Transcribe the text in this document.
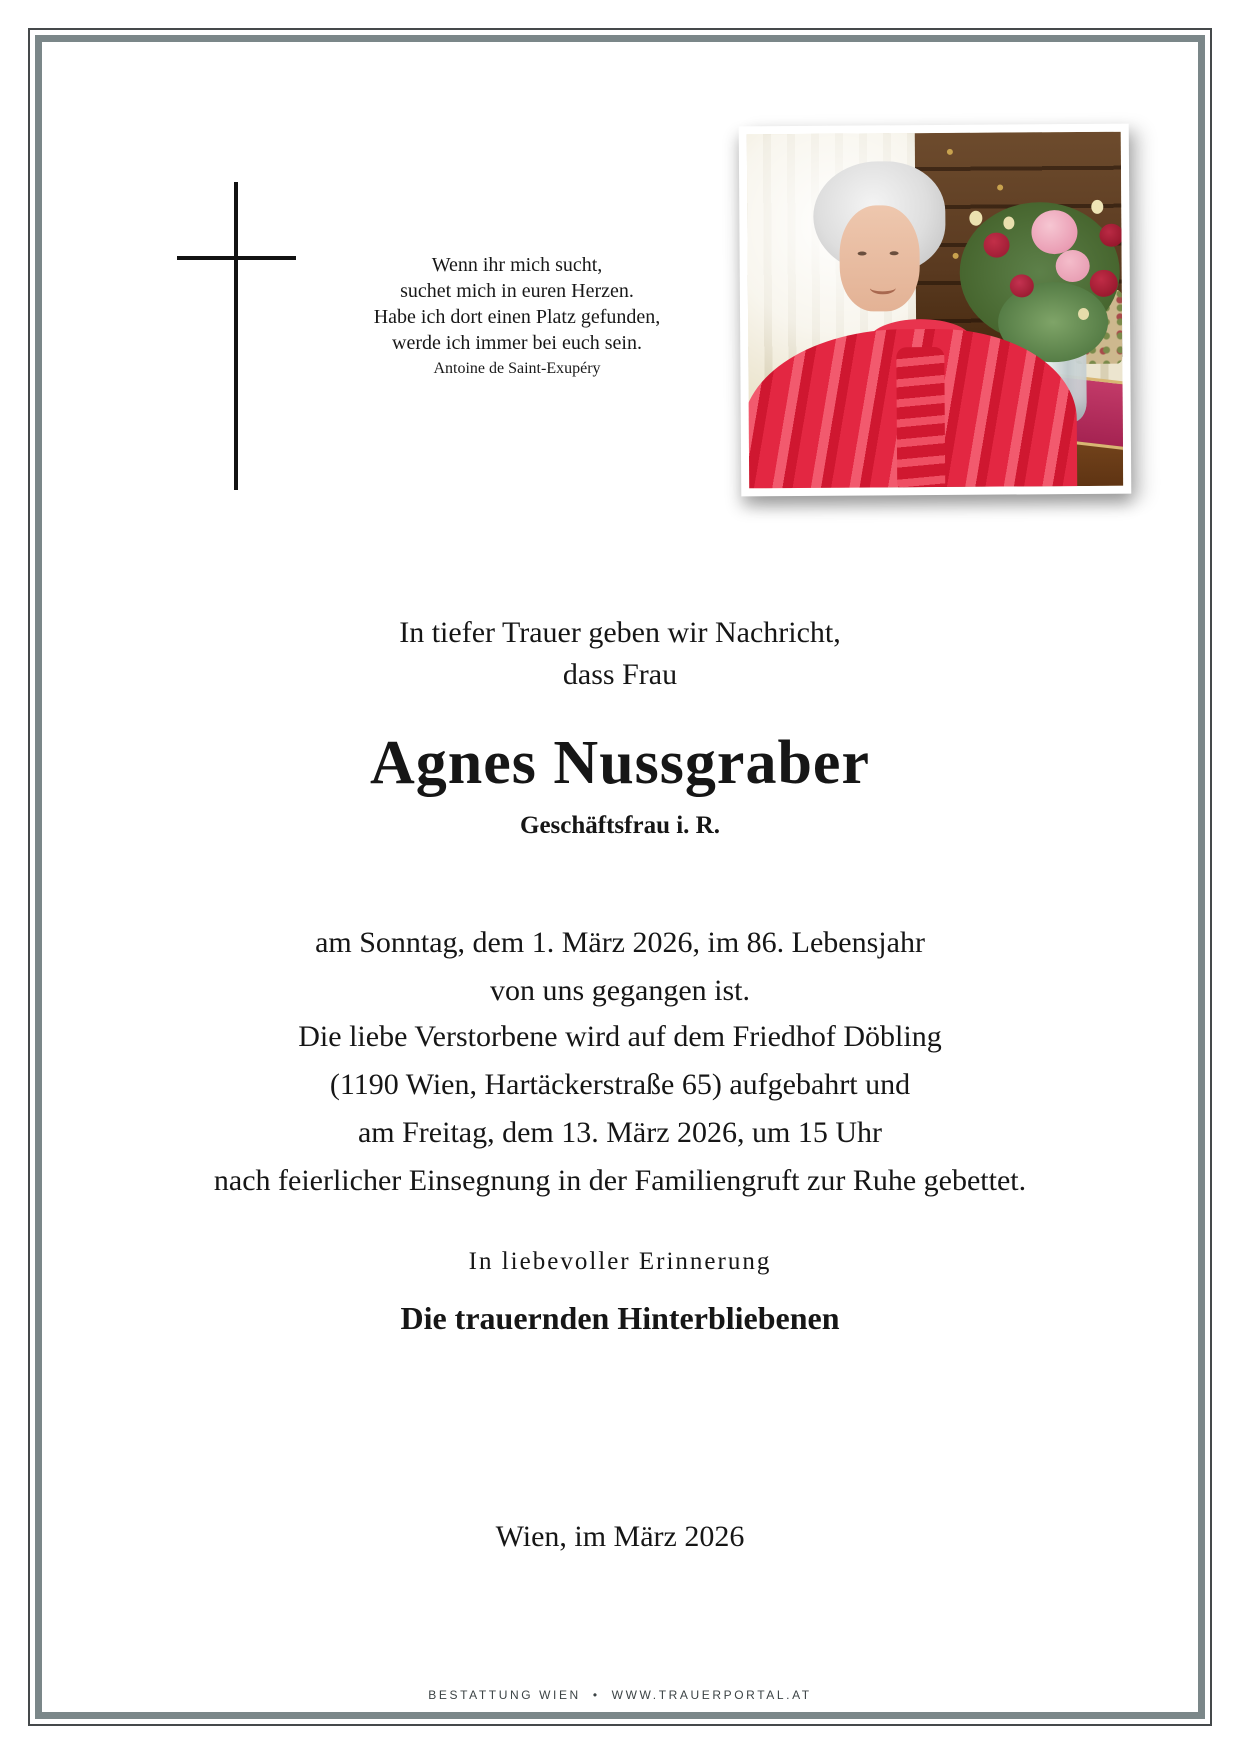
Wenn ihr mich sucht,
suchet mich in euren Herzen.
Habe ich dort einen Platz gefunden,
werde ich immer bei euch sein.
Antoine de Saint-Exupéry
In tiefer Trauer geben wir Nachricht,
dass Frau
Agnes Nussgraber
Geschäftsfrau i. R.
am Sonntag, dem 1. März 2026, im 86. Lebensjahr
von uns gegangen ist.
Die liebe Verstorbene wird auf dem Friedhof Döbling
(1190 Wien, Hartäckerstraße 65) aufgebahrt und
am Freitag, dem 13. März 2026, um 15 Uhr
nach feierlicher Einsegnung in der Familiengruft zur Ruhe gebettet.
In liebevoller Erinnerung
Die trauernden Hinterbliebenen
Wien, im März 2026
BESTATTUNG WIEN • WWW.TRAUERPORTAL.AT
